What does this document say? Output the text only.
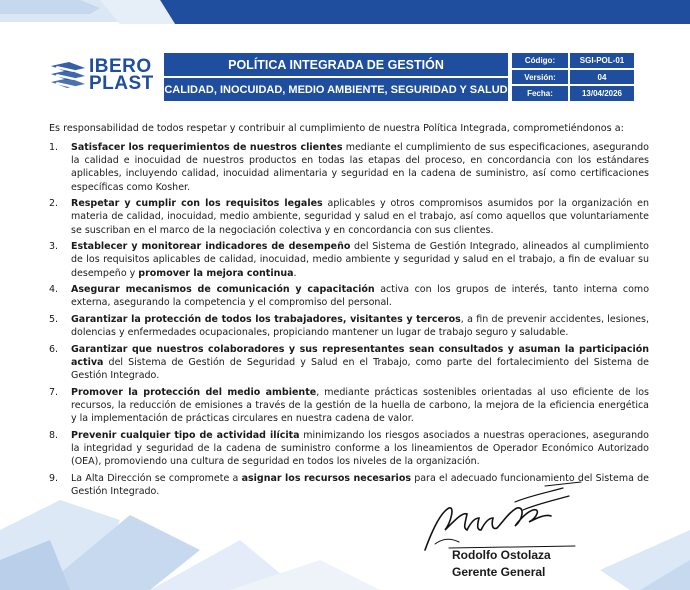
IBERO
PLAST
POLÍTICA INTEGRADA DE GESTIÓN
CALIDAD, INOCUIDAD, MEDIO AMBIENTE, SEGURIDAD Y SALUD
Código:	SGI-POL-01
Versión:	04
Fecha:	13/04/2026

Es responsabilidad de todos respetar y contribuir al cumplimiento de nuestra Política Integrada, comprometiéndonos a:

1. Satisfacer los requerimientos de nuestros clientes mediante el cumplimiento de sus especificaciones, asegurando la calidad e inocuidad de nuestros productos en todas las etapas del proceso, en concordancia con los estándares aplicables, incluyendo calidad, inocuidad alimentaria y seguridad en la cadena de suministro, así como certificaciones específicas como Kosher.
2. Respetar y cumplir con los requisitos legales aplicables y otros compromisos asumidos por la organización en materia de calidad, inocuidad, medio ambiente, seguridad y salud en el trabajo, así como aquellos que voluntariamente se suscriban en el marco de la negociación colectiva y en concordancia con sus clientes.
3. Establecer y monitorear indicadores de desempeño del Sistema de Gestión Integrado, alineados al cumplimiento de los requisitos aplicables de calidad, inocuidad, medio ambiente y seguridad y salud en el trabajo, a fin de evaluar su desempeño y promover la mejora continua.
4. Asegurar mecanismos de comunicación y capacitación activa con los grupos de interés, tanto interna como externa, asegurando la competencia y el compromiso del personal.
5. Garantizar la protección de todos los trabajadores, visitantes y terceros, a fin de prevenir accidentes, lesiones, dolencias y enfermedades ocupacionales, propiciando mantener un lugar de trabajo seguro y saludable.
6. Garantizar que nuestros colaboradores y sus representantes sean consultados y asuman la participación activa del Sistema de Gestión de Seguridad y Salud en el Trabajo, como parte del fortalecimiento del Sistema de Gestión Integrado.
7. Promover la protección del medio ambiente, mediante prácticas sostenibles orientadas al uso eficiente de los recursos, la reducción de emisiones a través de la gestión de la huella de carbono, la mejora de la eficiencia energética y la implementación de prácticas circulares en nuestra cadena de valor.
8. Prevenir cualquier tipo de actividad ilícita minimizando los riesgos asociados a nuestras operaciones, asegurando la integridad y seguridad de la cadena de suministro conforme a los lineamientos de Operador Económico Autorizado (OEA), promoviendo una cultura de seguridad en todos los niveles de la organización.
9. La Alta Dirección se compromete a asignar los recursos necesarios para el adecuado funcionamiento del Sistema de Gestión Integrado.
Rodolfo Ostolaza
Gerente General
